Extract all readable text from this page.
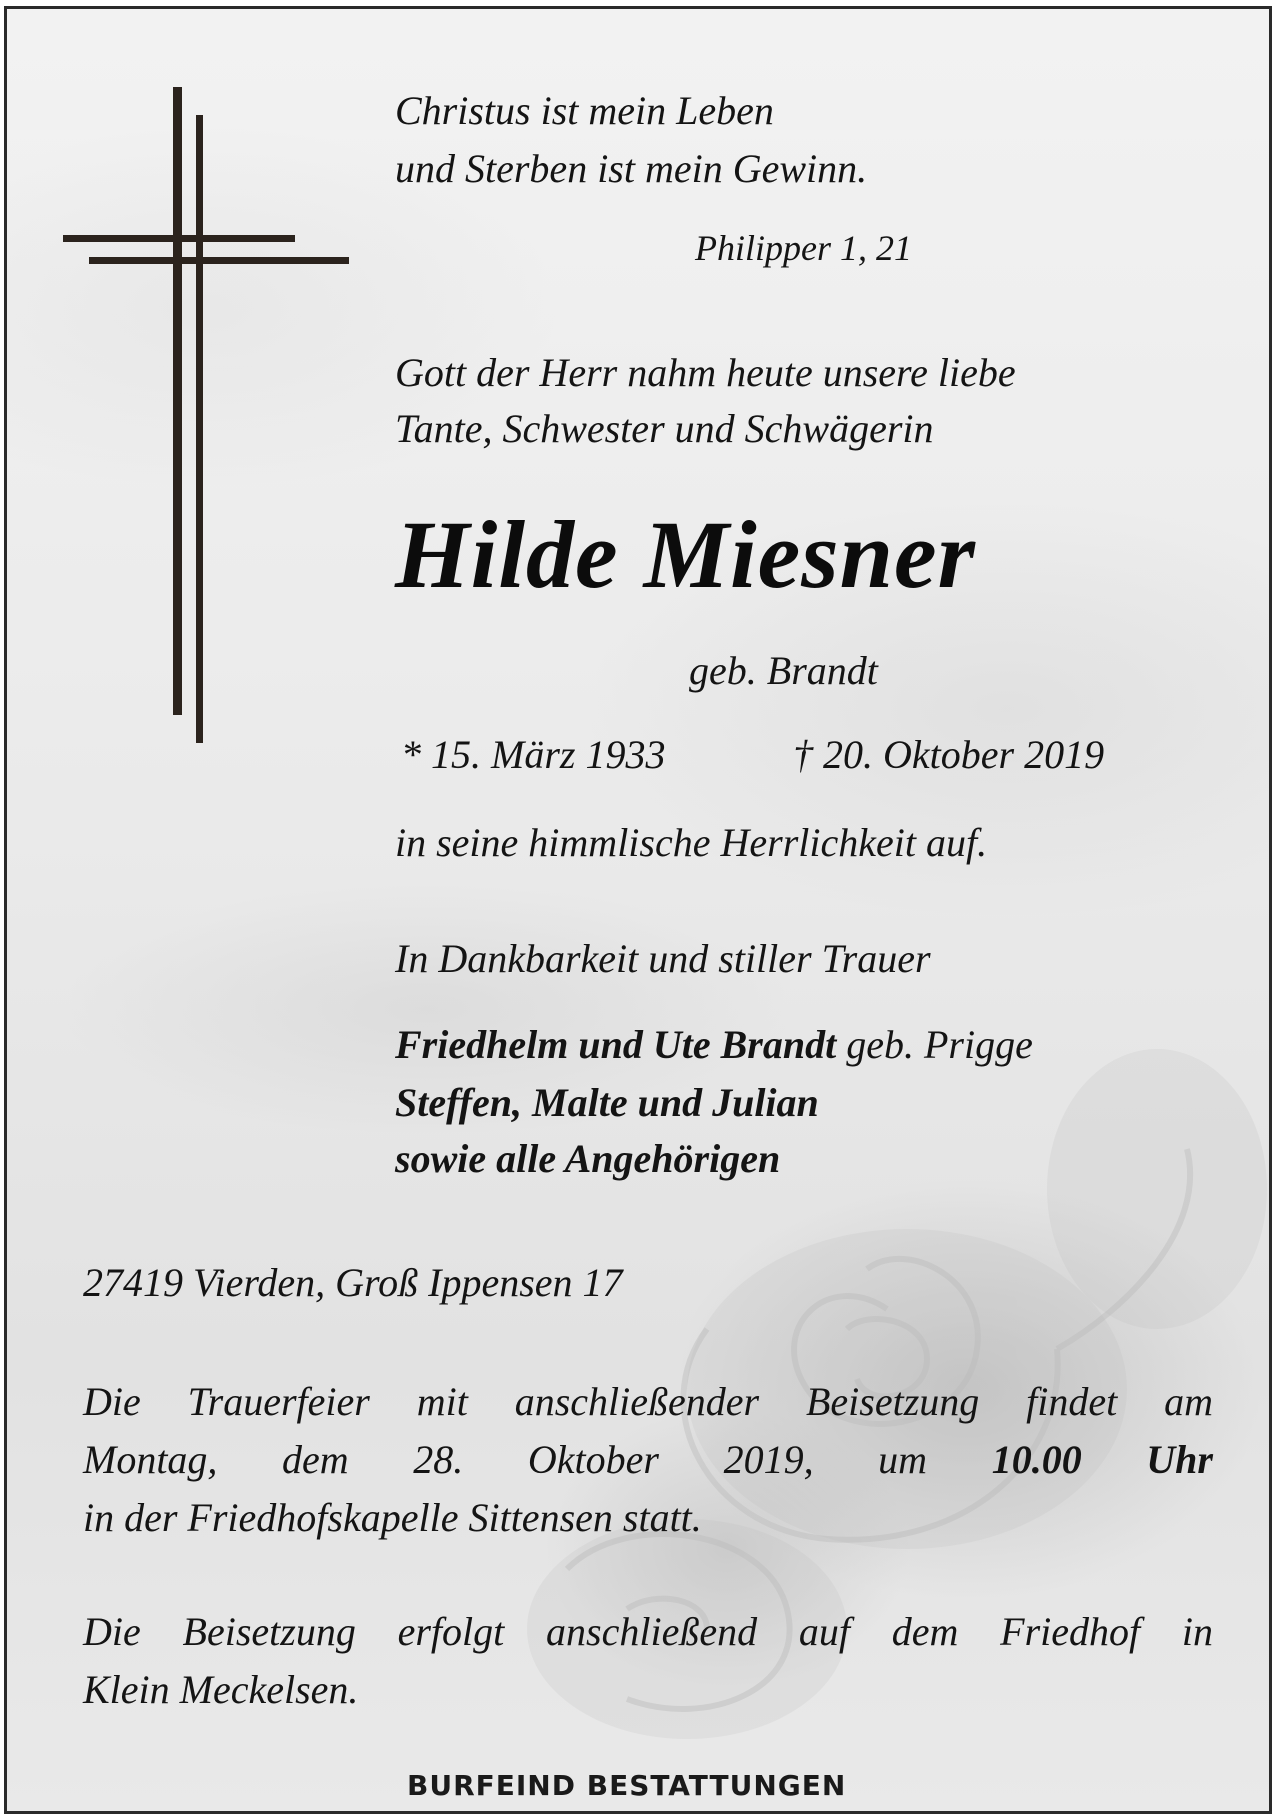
Christus ist mein Leben
und Sterben ist mein Gewinn.
Philipper 1, 21
Gott der Herr nahm heute unsere liebe
Tante, Schwester und Schwägerin
Hilde Miesner
geb. Brandt
* 15. März 1933	† 20. Oktober 2019
in seine himmlische Herrlichkeit auf.
In Dankbarkeit und stiller Trauer
Friedhelm und Ute Brandt geb. Prigge
Steffen, Malte und Julian
sowie alle Angehörigen
27419 Vierden, Groß Ippensen 17
Die Trauerfeier mit anschließender Beisetzung findet am
Montag, dem 28. Oktober 2019, um 10.00 Uhr
in der Friedhofskapelle Sittensen statt.
Die Beisetzung erfolgt anschließend auf dem Friedhof in
Klein Meckelsen.
BURFEIND BESTATTUNGEN
